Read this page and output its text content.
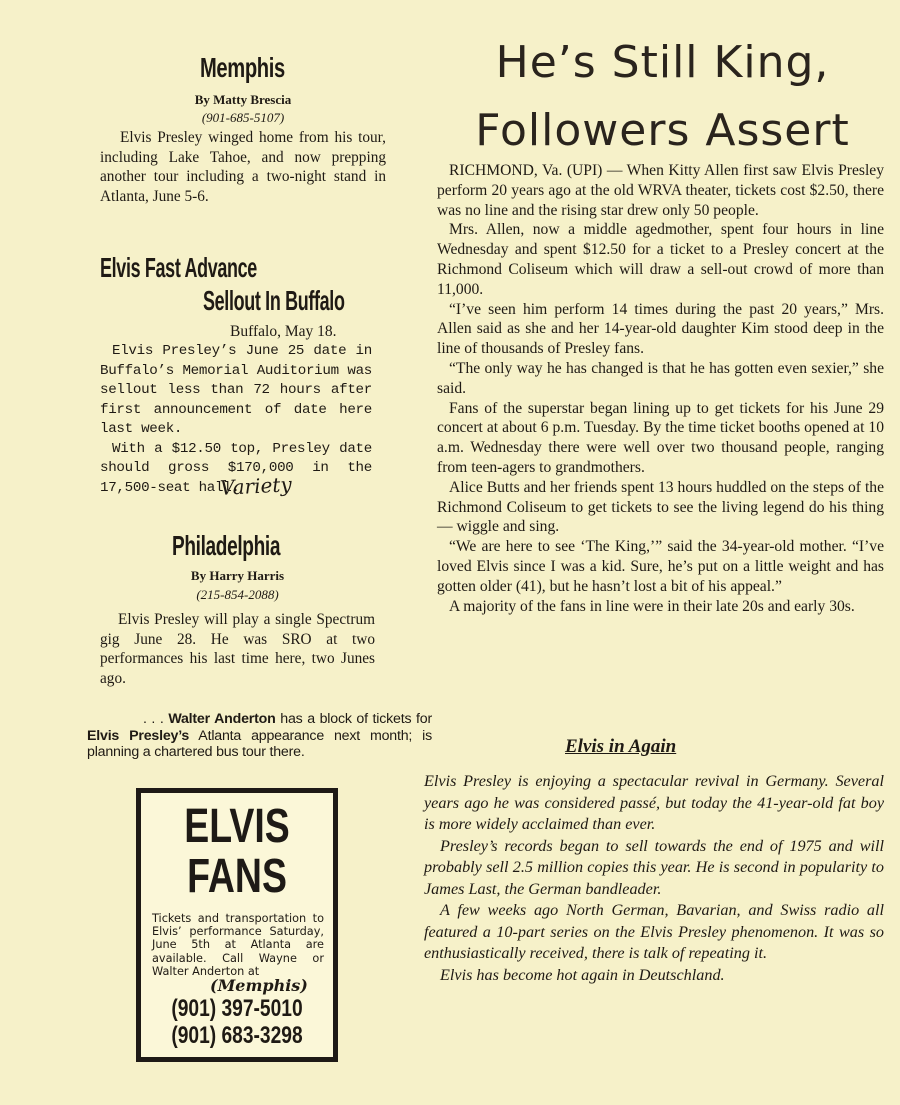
Memphis
By Matty Brescia
(901-685-5107)

Elvis Presley winged home from his tour, including Lake Tahoe, and now prepping another tour including a two-night stand in Atlanta, June 5-6.

Elvis Fast Advance
Sellout In Buffalo
Buffalo, May 18.

Elvis Presley’s June 25 date in Buffalo’s Memorial Auditorium was sellout less than 72 hours after first announcement of date here last week.

With a $12.50 top, Presley date should gross $170,000 in the 17,500-seat hall.

Variety
Philadelphia
By Harry Harris
(215-854-2088)

Elvis Presley will play a single Spectrum gig June 28. He was SRO at two performances his last time here, two Junes ago.

. . . Walter Anderton has a block of tickets for Elvis Presley’s Atlanta appearance next month; is planning a chartered bus tour there.
ELVIS
FANS
Tickets and transportation to Elvis’ performance Saturday, June 5th at Atlanta are available. Call Wayne or Walter Anderton at
(Memphis)
(901) 397-5010
(901) 683-3298
He’s Still King,
Followers Assert

RICHMOND, Va. (UPI) — When Kitty Allen first saw Elvis Presley perform 20 years ago at the old WRVA theater, tickets cost $2.50, there was no line and the rising star drew only 50 people.

Mrs. Allen, now a middle agedmother, spent four hours in line Wednesday and spent $12.50 for a ticket to a Presley concert at the Richmond Coliseum which will draw a sell-out crowd of more than 11,000.

“I’ve seen him perform 14 times during the past 20 years,” Mrs. Allen said as she and her 14-year-old daughter Kim stood deep in the line of thousands of Presley fans.

“The only way he has changed is that he has gotten even sexier,” she said.

Fans of the superstar began lining up to get tickets for his June 29 concert at about 6 p.m. Tuesday. By the time ticket booths opened at 10 a.m. Wednesday there were well over two thousand people, ranging from teen-agers to grandmothers.

Alice Butts and her friends spent 13 hours huddled on the steps of the Richmond Coliseum to get tickets to see the living legend do his thing — wiggle and sing.

“We are here to see ‘The King,’” said the 34-year-old mother. “I’ve loved Elvis since I was a kid. Sure, he’s put on a little weight and has gotten older (41), but he hasn’t lost a bit of his appeal.”

A majority of the fans in line were in their late 20s and early 30s.

Elvis in Again

Elvis Presley is enjoying a spectacular revival in Germany. Several years ago he was considered passé, but today the 41-year-old fat boy is more widely acclaimed than ever.

Presley’s records began to sell towards the end of 1975 and will probably sell 2.5 million copies this year. He is second in popularity to James Last, the German bandleader.

A few weeks ago North German, Bavarian, and Swiss radio all featured a 10-part series on the Elvis Presley phenomenon. It was so enthusiastically received, there is talk of repeating it.

Elvis has become hot again in Deutschland.
